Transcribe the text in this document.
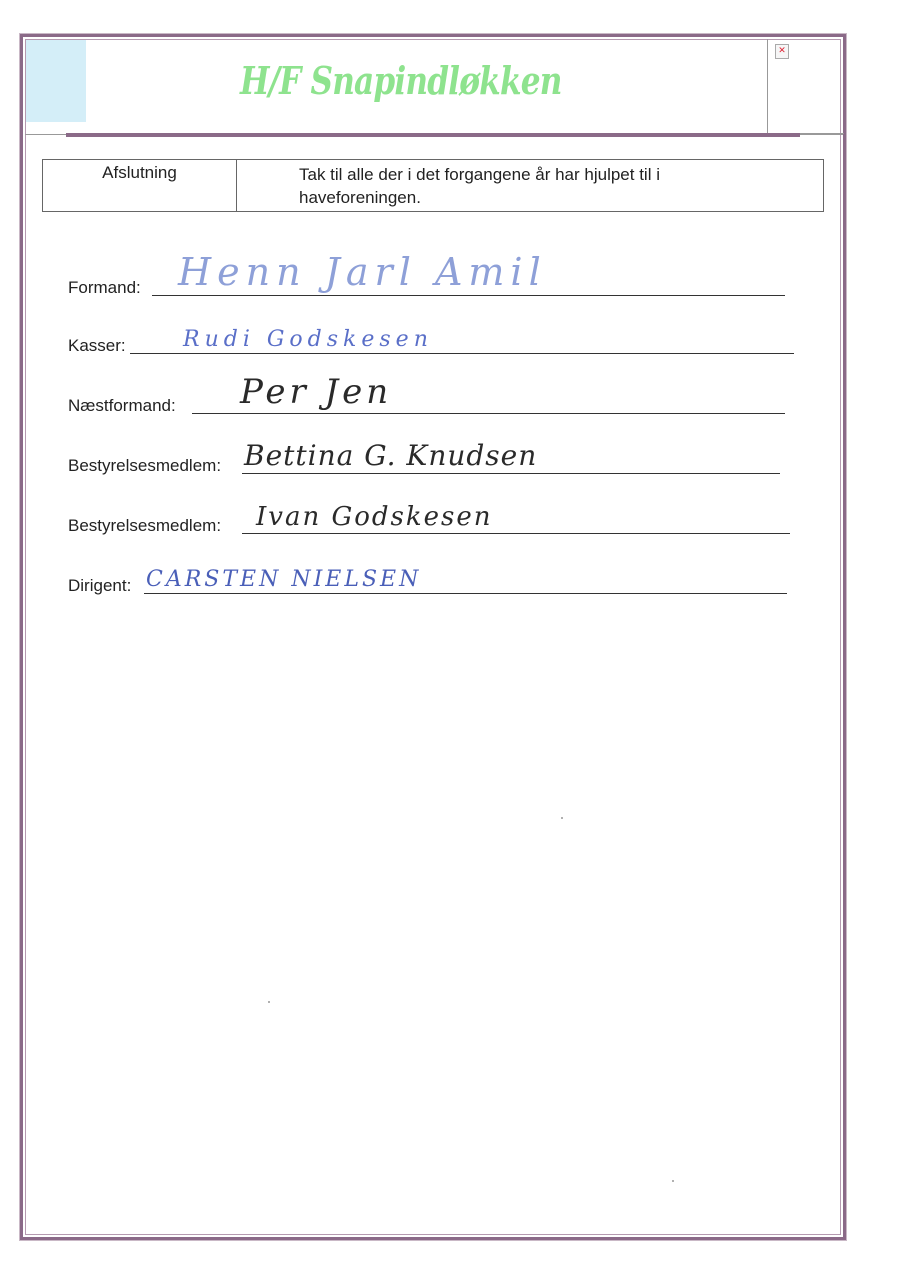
H/F Snapindløkken
✕
Afslutning	Tak til alle der i det forgangene år har hjulpet til i
haveforeningen.
Formand: Henn Jarl Amil
Kasser:	Rudi Godskesen
Næstformand: Per Jen
Bestyrelsesmedlem: Bettina G. Knudsen
Bestyrelsesmedlem: Ivan Godskesen
Dirigent: CARSTEN NIELSEN
